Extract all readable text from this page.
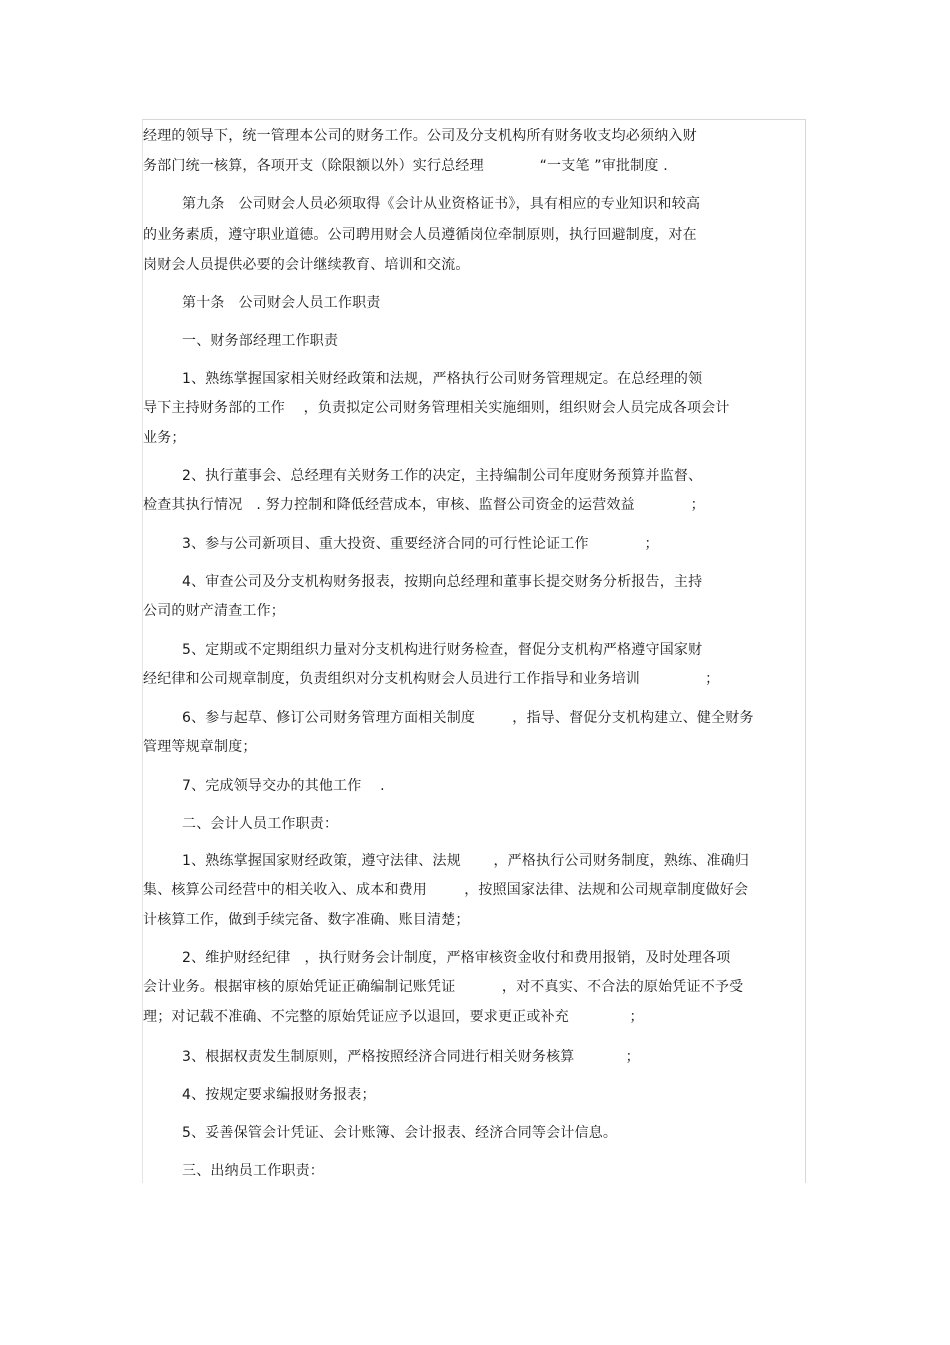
经理的领导下，统一管理本公司的财务工作。公司及分支机构所有财务收支均必须纳入财
务部门统一核算，各项开支（除限额以外）实行总经理            “一支笔 ”审批制度 .
第九条   公司财会人员必须取得《会计从业资格证书》，具有相应的专业知识和较高
的业务素质，遵守职业道德。公司聘用财会人员遵循岗位牵制原则，执行回避制度，对在
岗财会人员提供必要的会计继续教育、培训和交流。
第十条   公司财会人员工作职责
一、财务部经理工作职责
1、熟练掌握国家相关财经政策和法规，严格执行公司财务管理规定。在总经理的领
导下主持财务部的工作    ，负责拟定公司财务管理相关实施细则，组织财会人员完成各项会计
业务；
2、执行董事会、总经理有关财务工作的决定，主持编制公司年度财务预算并监督、
检查其执行情况   . 努力控制和降低经营成本，审核、监督公司资金的运营效益            ；
3、参与公司新项目、重大投资、重要经济合同的可行性论证工作            ；
4、审查公司及分支机构财务报表，按期向总经理和董事长提交财务分析报告，主持
公司的财产清查工作；
5、定期或不定期组织力量对分支机构进行财务检查，督促分支机构严格遵守国家财
经纪律和公司规章制度，负责组织对分支机构财会人员进行工作指导和业务培训              ；
6、参与起草、修订公司财务管理方面相关制度        ，指导、督促分支机构建立、健全财务
管理等规章制度；
7、完成领导交办的其他工作    .
二、会计人员工作职责：
1、熟练掌握国家财经政策，遵守法律、法规       ，严格执行公司财务制度，熟练、准确归
集、核算公司经营中的相关收入、成本和费用        ，按照国家法律、法规和公司规章制度做好会
计核算工作，做到手续完备、数字准确、账目清楚；
2、维护财经纪律   ，执行财务会计制度，严格审核资金收付和费用报销，及时处理各项
会计业务。根据审核的原始凭证正确编制记账凭证          ，对不真实、不合法的原始凭证不予受
理；对记载不准确、不完整的原始凭证应予以退回，要求更正或补充             ；
3、根据权责发生制原则，严格按照经济合同进行相关财务核算           ；
4、按规定要求编报财务报表；
5、妥善保管会计凭证、会计账簿、会计报表、经济合同等会计信息。
三、出纳员工作职责：
